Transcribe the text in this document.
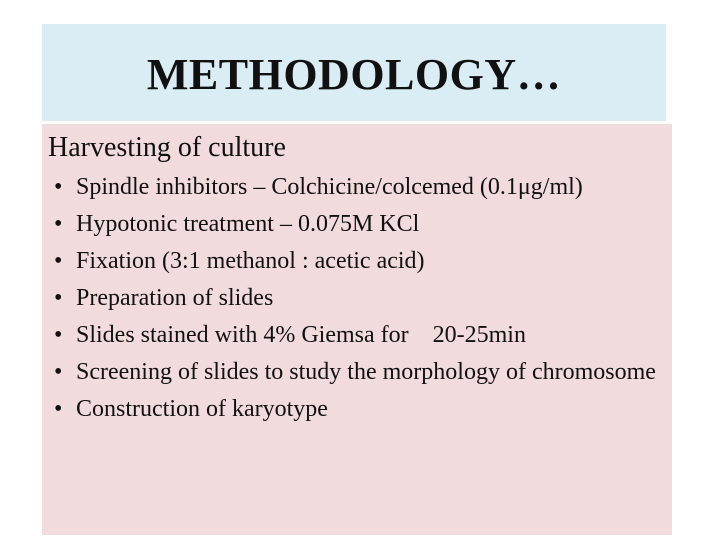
METHODOLOGY…

Harvesting of culture

• Spindle inhibitors – Colchicine/colcemed (0.1μg/ml)
• Hypotonic treatment – 0.075M KCl
• Fixation (3:1 methanol : acetic acid)
• Preparation of slides
• Slides stained with 4% Giemsa for    20-25min
• Screening of slides to study the morphology of chromosome
• Construction of karyotype
